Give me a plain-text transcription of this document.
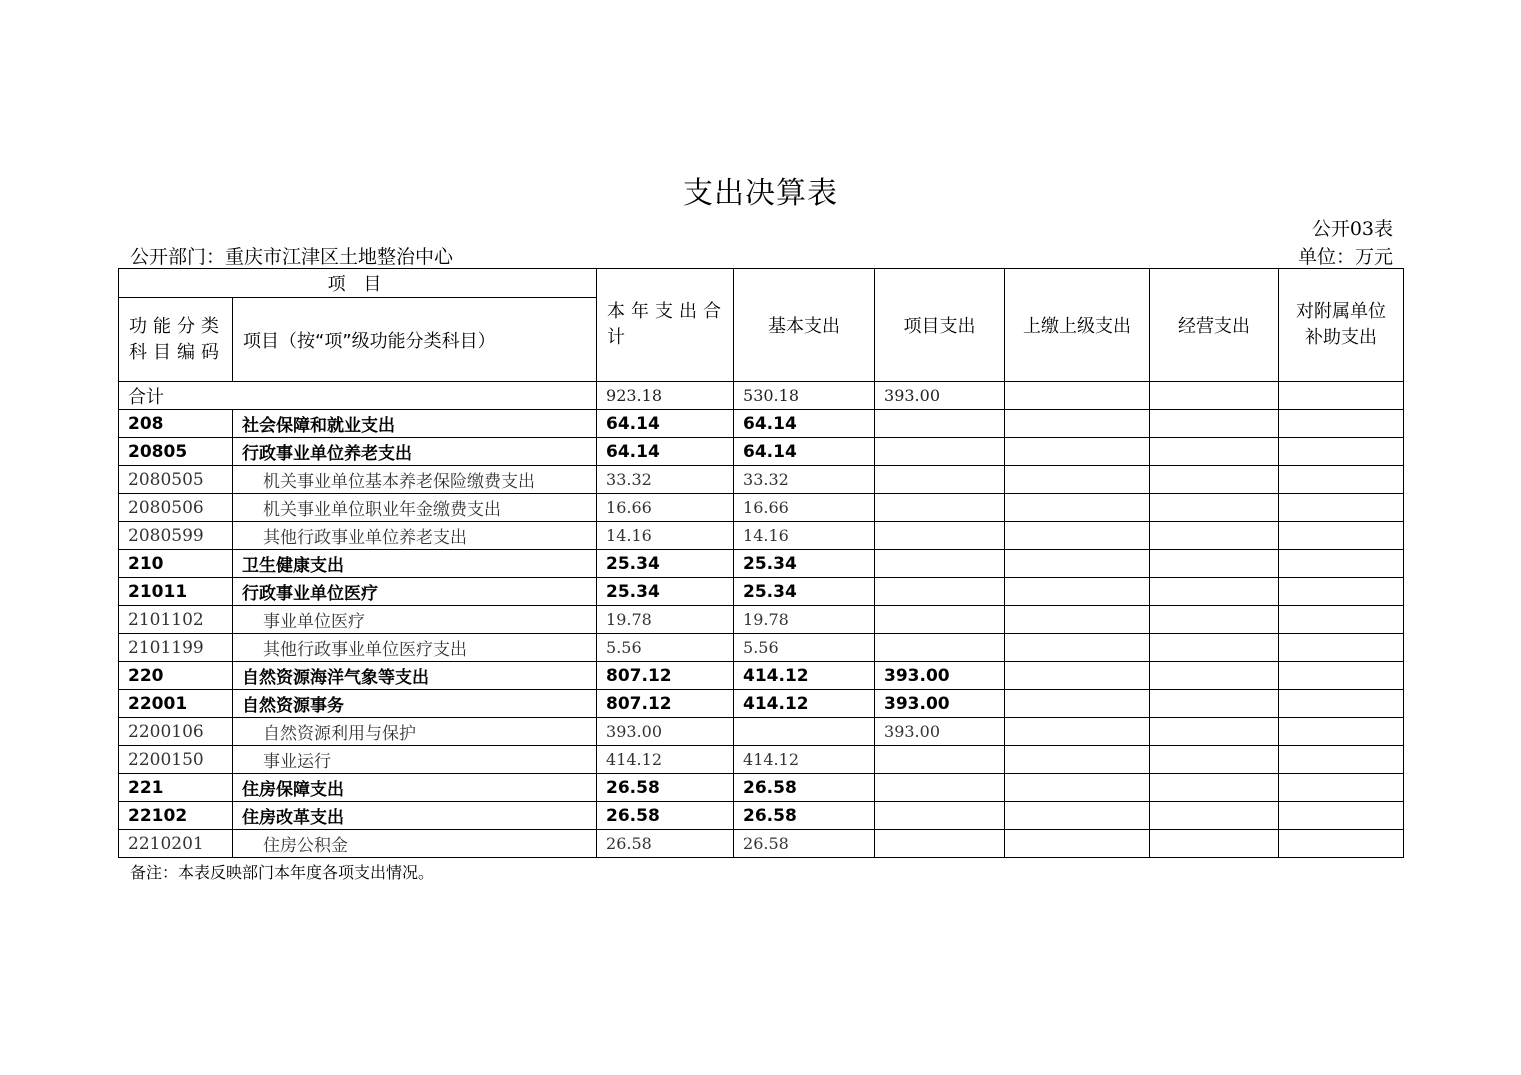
支出决算表
公开03表
公开部门：重庆市江津区土地整治中心	单位：万元
项 目		本年支出合计	基本支出	项目支出	上缴上级支出	经营支出	对附属单位补助支出
功能分类科目编码	项目（按“项”级功能分类科目）						
合计		923.18	530.18	393.00			
208	社会保障和就业支出	64.14	64.14				
20805	行政事业单位养老支出	64.14	64.14				
2080505	机关事业单位基本养老保险缴费支出	33.32	33.32				
2080506	机关事业单位职业年金缴费支出	16.66	16.66				
2080599	其他行政事业单位养老支出	14.16	14.16				
210	卫生健康支出	25.34	25.34				
21011	行政事业单位医疗	25.34	25.34				
2101102	事业单位医疗	19.78	19.78				
2101199	其他行政事业单位医疗支出	5.56	5.56				
220	自然资源海洋气象等支出	807.12	414.12	393.00			
22001	自然资源事务	807.12	414.12	393.00			
2200106	自然资源利用与保护	393.00		393.00			
2200150	事业运行	414.12	414.12				
221	住房保障支出	26.58	26.58				
22102	住房改革支出	26.58	26.58				
2210201	住房公积金	26.58	26.58				
备注：本表反映部门本年度各项支出情况。
